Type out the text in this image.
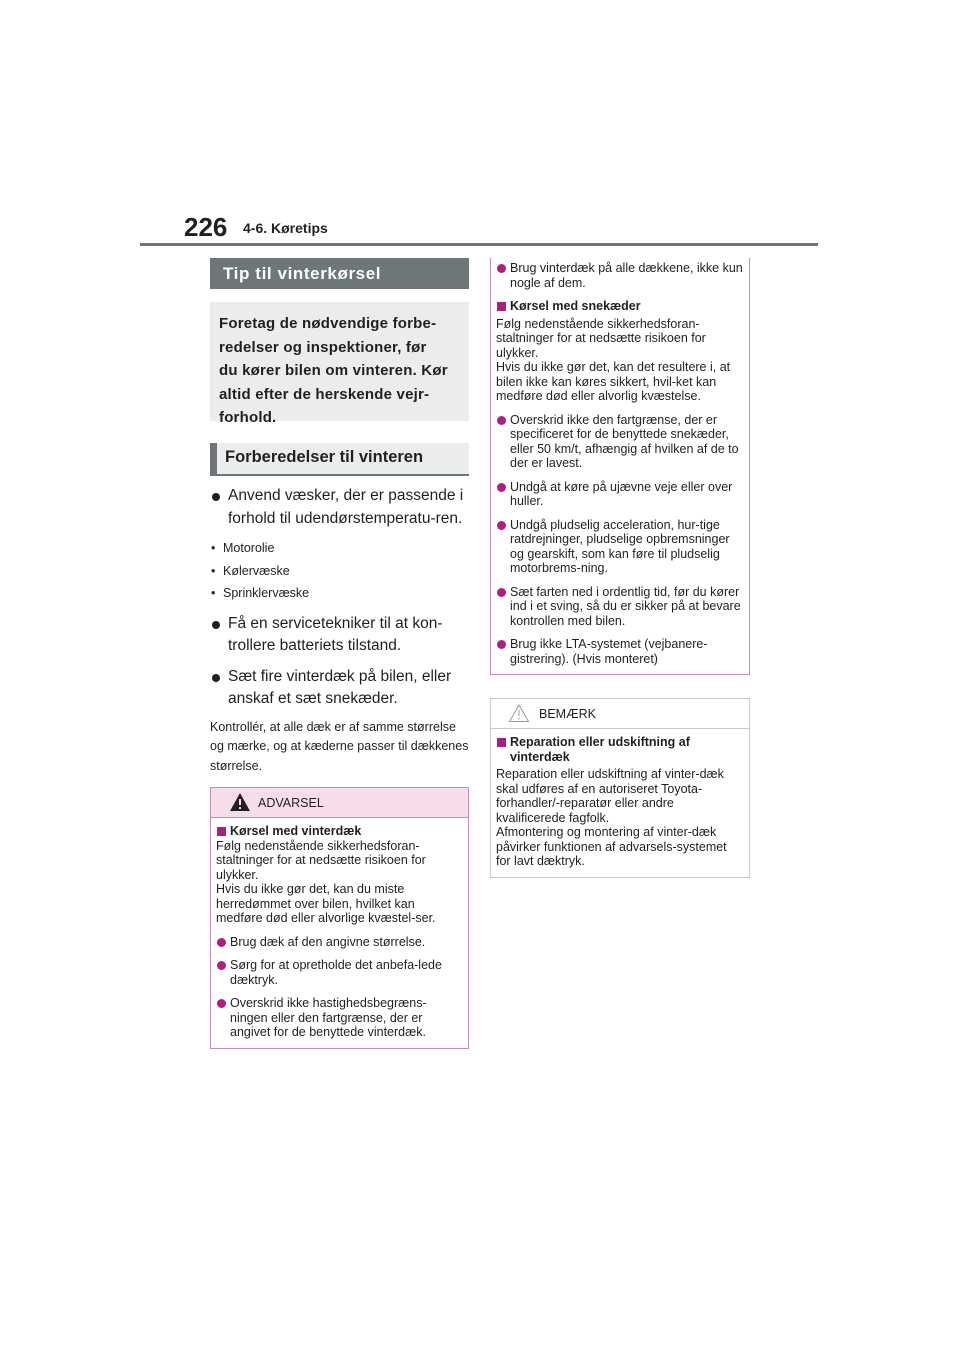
226 4-6. Køretips
Tip til vinterkørsel
Foretag de nødvendige forbe-
redelser og inspektioner, før
du kører bilen om vinteren. Kør
altid efter de herskende vejr-
forhold.
Forberedelser til vinteren
Anvend væsker, der er passende i forhold til udendørstemperatu-ren.
• Motorolie
• Kølervæske
• Sprinklervæske
Få en servicetekniker til at kon-trollere batteriets tilstand.
Sæt fire vinterdæk på bilen, eller anskaf et sæt snekæder.
Kontrollér, at alle dæk er af samme størrelse og mærke, og at kæderne passer til dækkenes størrelse.
ADVARSEL
Kørsel med vinterdæk
Følg nedenstående sikkerhedsforan-staltninger for at nedsætte risikoen for ulykker.
Hvis du ikke gør det, kan du miste herredømmet over bilen, hvilket kan medføre død eller alvorlige kvæstel-ser.
Brug dæk af den angivne størrelse.
Sørg for at opretholde det anbefa-lede dæktryk.
Overskrid ikke hastighedsbegræns-ningen eller den fartgrænse, der er angivet for de benyttede vinterdæk.
Brug vinterdæk på alle dækkene, ikke kun nogle af dem.
Kørsel med snekæder
Følg nedenstående sikkerhedsforan-staltninger for at nedsætte risikoen for ulykker.
Hvis du ikke gør det, kan det resultere i, at bilen ikke kan køres sikkert, hvil-ket kan medføre død eller alvorlig kvæstelse.
Overskrid ikke den fartgrænse, der er specificeret for de benyttede snekæder, eller 50 km/t, afhængig af hvilken af de to der er lavest.
Undgå at køre på ujævne veje eller over huller.
Undgå pludselig acceleration, hur-tige ratdrejninger, pludselige opbremsninger og gearskift, som kan føre til pludselig motorbrems-ning.
Sæt farten ned i ordentlig tid, før du kører ind i et sving, så du er sikker på at bevare kontrollen med bilen.
Brug ikke LTA-systemet (vejbanere-gistrering). (Hvis monteret)
BEMÆRK
Reparation eller udskiftning af vinterdæk
Reparation eller udskiftning af vinter-dæk skal udføres af en autoriseret Toyota-forhandler/-reparatør eller andre kvalificerede fagfolk.
Afmontering og montering af vinter-dæk påvirker funktionen af advarsels-systemet for lavt dæktryk.
